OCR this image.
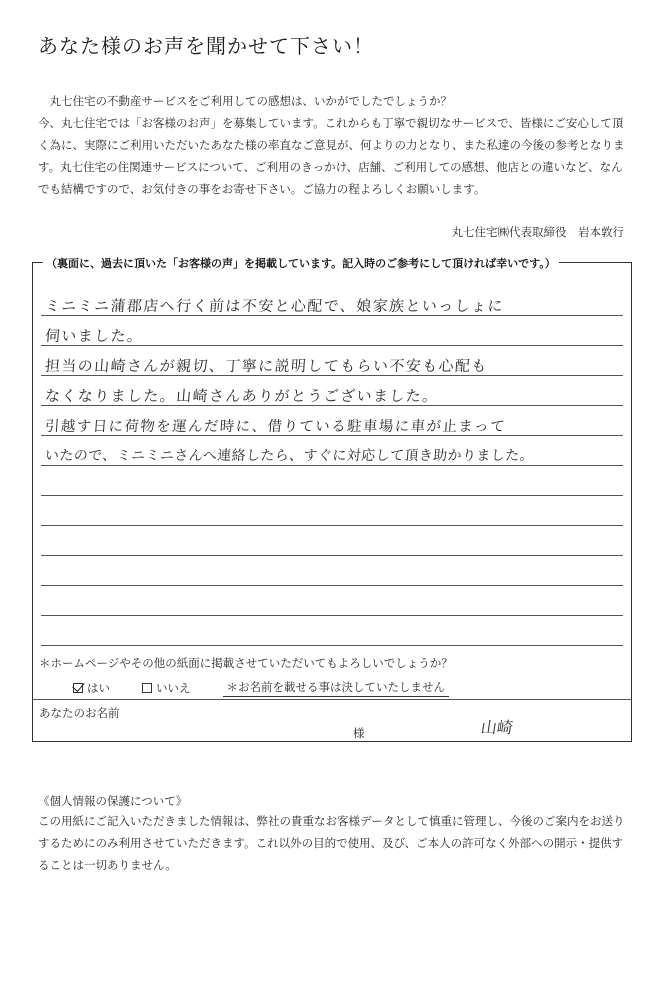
あなた様のお声を聞かせて下さい！

丸七住宅の不動産サービスをご利用しての感想は、いかがでしたでしょうか？

今、丸七住宅では「お客様のお声」を募集しています。これからも丁寧で親切なサービスで、皆様にご安心して頂く為に、実際にご利用いただいたあなた様の率直なご意見が、何よりの力となり、また私達の今後の参考となります。丸七住宅の住関連サービスについて、ご利用のきっかけ、店舗、ご利用しての感想、他店との違いなど、なんでも結構ですので、お気付きの事をお寄せ下さい。ご協力の程よろしくお願いします。

丸七住宅㈱代表取締役　岩本敦行
（裏面に、過去に頂いた「お客様の声」を掲載しています。記入時のご参考にして頂ければ幸いです。）
ミニミニ蒲郡店へ行く前は不安と心配で、娘家族といっしょに
伺いました。
担当の山崎さんが親切、丁寧に説明してもらい不安も心配も
なくなりました。山崎さんありがとうございました。
引越す日に荷物を運んだ時に、借りている駐車場に車が止まって
いたので、ミニミニさんへ連絡したら、すぐに対応して頂き助かりました。
＊ホームページやその他の紙面に掲載させていただいてもよろしいでしょうか？
はい	いいえ	＊お名前を載せる事は決していたしません
あなたのお名前
様	山崎
《個人情報の保護について》
この用紙にご記入いただきました情報は、弊社の貴重なお客様データとして慎重に管理し、今後のご案内をお送りするためにのみ利用させていただきます。これ以外の目的で使用、及び、ご本人の許可なく外部への開示・提供することは一切ありません。
